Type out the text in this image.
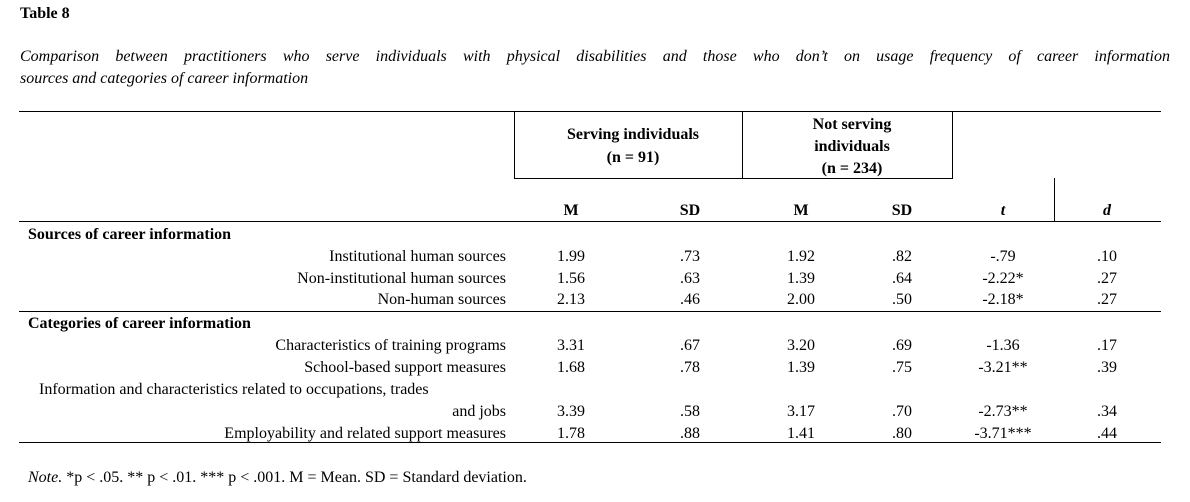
Table 8
Comparison between practitioners who serve individuals with physical disabilities and those who don’t on usage frequency of career information
sources and categories of career information
Serving individuals
(n = 91)
Not serving
individuals
(n = 234)
M	SD	M	SD	t	d
Sources of career information
Institutional human sources	1.99	.73	1.92	.82	-.79	.10
Non-institutional human sources	1.56	.63	1.39	.64	-2.22*	.27
Non-human sources	2.13	.46	2.00	.50	-2.18*	.27
Categories of career information
Characteristics of training programs	3.31	.67	3.20	.69	-1.36	.17
School-based support measures	1.68	.78	1.39	.75	-3.21**	.39
Information and characteristics related to occupations, trades
and jobs	3.39	.58	3.17	.70	-2.73**	.34
Employability and related support measures	1.78	.88	1.41	.80	-3.71***	.44
Note. *p < .05. ** p < .01. *** p < .001. M = Mean. SD = Standard deviation.
